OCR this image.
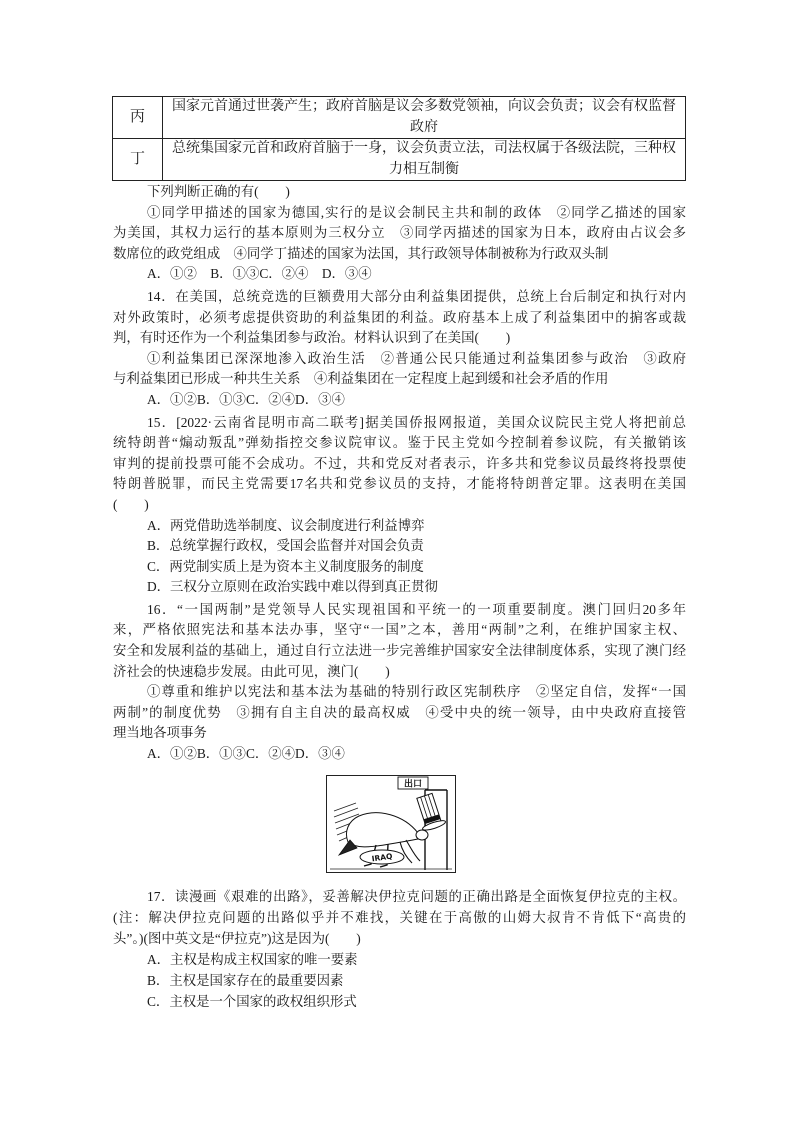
丙	国家元首通过世袭产生；政府首脑是议会多数党领袖，向议会负责；议会有权监督
政府

丁	总统集国家元首和政府首脑于一身，议会负责立法，司法权属于各级法院，三种权
力相互制衡
下列判断正确的有(　　)
①同学甲描述的国家为德国,实行的是议会制民主共和制的政体　②同学乙描述的国家
为美国，其权力运行的基本原则为三权分立　③同学丙描述的国家为日本，政府由占议会多
数席位的政党组成　④同学丁描述的国家为法国，其行政领导体制被称为行政双头制
A．①②　B．①③C．②④　D．③④
14．在美国，总统竞选的巨额费用大部分由利益集团提供，总统上台后制定和执行对内
对外政策时，必须考虑提供资助的利益集团的利益。政府基本上成了利益集团中的掮客或裁
判，有时还作为一个利益集团参与政治。材料认识到了在美国(　　)
①利益集团已深深地渗入政治生活　②普通公民只能通过利益集团参与政治　③政府
与利益集团已形成一种共生关系　④利益集团在一定程度上起到缓和社会矛盾的作用
A．①②B．①③C．②④D．③④
15．[2022·云南省昆明市高二联考]据美国侨报网报道，美国众议院民主党人将把前总
统特朗普“煽动叛乱”弹劾指控交参议院审议。鉴于民主党如今控制着参议院，有关撤销该
审判的提前投票可能不会成功。不过，共和党反对者表示，许多共和党参议员最终将投票使
特朗普脱罪，而民主党需要17名共和党参议员的支持，才能将特朗普定罪。这表明在美国
(　　)
A．两党借助选举制度、议会制度进行利益博弈
B．总统掌握行政权，受国会监督并对国会负责
C．两党制实质上是为资本主义制度服务的制度
D．三权分立原则在政治实践中难以得到真正贯彻
16．“一国两制”是党领导人民实现祖国和平统一的一项重要制度。澳门回归20多年
来，严格依照宪法和基本法办事，坚守“一国”之本，善用“两制”之利，在维护国家主权、
安全和发展利益的基础上，通过自行立法进一步完善维护国家安全法律制度体系，实现了澳门经
济社会的快速稳步发展。由此可见，澳门(　　)
①尊重和维护以宪法和基本法为基础的特别行政区宪制秩序　②坚定自信，发挥“一国
两制”的制度优势　③拥有自主自决的最高权威　④受中央的统一领导，由中央政府直接管
理当地各项事务
A．①②B．①③C．②④D．③④
出口
IRAQ
17．读漫画《艰难的出路》，妥善解决伊拉克问题的正确出路是全面恢复伊拉克的主权。
(注：解决伊拉克问题的出路似乎并不难找，关键在于高傲的山姆大叔肯不肯低下“高贵的
头”。)(图中英文是“伊拉克”)这是因为(　　)
A．主权是构成主权国家的唯一要素
B．主权是国家存在的最重要因素
C．主权是一个国家的政权组织形式
